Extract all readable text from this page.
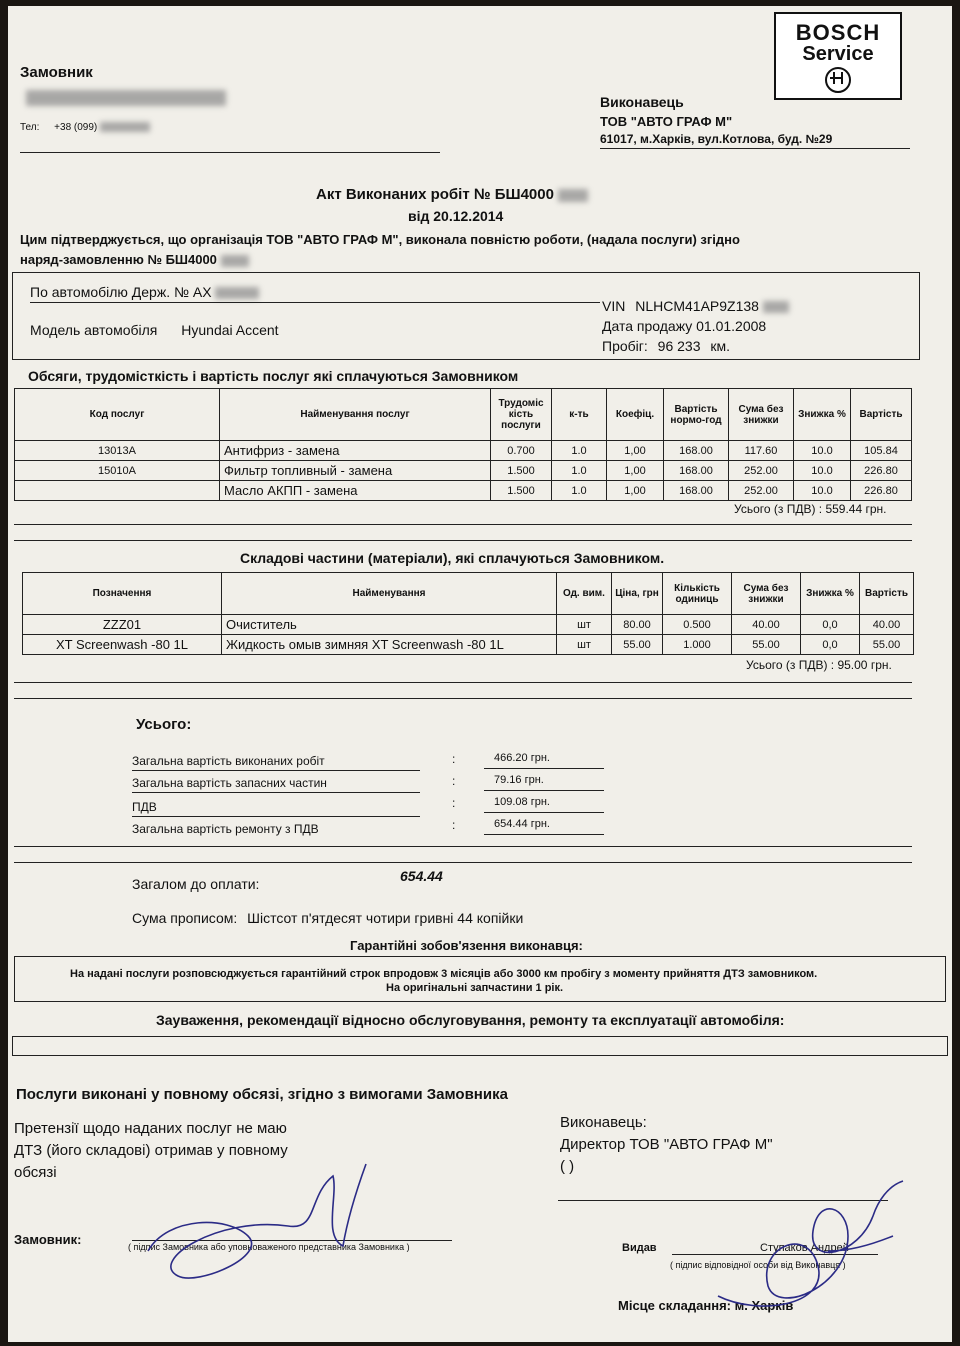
BOSCH
Service
Замовник
Тел: +38 (099)
Виконавець
ТОВ "АВТО ГРАФ М"
61017, м.Харків, вул.Котлова, буд. №29
Акт Виконаних робіт № БШ4000
від 20.12.2014
Цим підтверджується, що організація ТОВ "АВТО ГРАФ М", виконала повністю роботи, (надала послуги) згідно
наряд-замовленню № БШ4000
По автомобілю Держ. № АХ
VIN NLHCM41AP9Z138
Модель автомобіля Hyundai Accent	Дата продажу 01.01.2008
Пробіг: 96 233 км.
Обсяги, трудомісткість і вартість послуг які сплачуються Замовником
Код послуг	Найменування послуг	Трудоміс кість послуги	к-ть	Коефіц.	Вартість нормо-год	Сума без знижки	Знижка %	Вартість
13013A	Антифриз - замена	0.700	1.0	1,00	168.00	117.60	10.0	105.84
15010A	Фильтр топливный - замена	1.500	1.0	1,00	168.00	252.00	10.0	226.80
	Масло АКПП - замена	1.500	1.0	1,00	168.00	252.00	10.0	226.80
Усього (з ПДВ) : 559.44 грн.
Складові частини (матеріали), які сплачуються Замовником.
Позначення	Найменування	Од. вим.	Ціна, грн	Кількість одиниць	Сума без знижки	Знижка %	Вартість
ZZZ01	Очиститель	шт	80.00	0.500	40.00	0,0	40.00
XT Screenwash -80 1L	Жидкость омыв зимняя XT Screenwash -80 1L	шт	55.00	1.000	55.00	0,0	55.00
Усього (з ПДВ) : 95.00 грн.
Усього:
Загальна вартість виконаних робіт	:	466.20 грн.
Загальна вартість запасних частин	:	79.16 грн.
ПДВ	:	109.08 грн.
Загальна вартість ремонту з ПДВ	:	654.44 грн.
Загалом до оплати:	654.44
Сума прописом: Шістсот п'ятдесят чотири гривні 44 копійки
Гарантійні зобов'язення виконавця:
На надані послуги розповсюджується гарантійний строк впродовж 3 місяців або 3000 км пробігу з моменту прийняття ДТЗ замовником.
На оригінальні запчастини 1 рік.
Зауваження, рекомендації відносно обслуговування, ремонту та експлуатації автомобіля:
Послуги виконані у повному обсязі, згідно з вимогами Замовника
Претензії щодо наданих послуг не маю
ДТЗ (його складові) отримав у повному
обсязі
Замовник:	( підпис Замовника або уповноваженого представника Замовника )
Виконавець:
Директор ТОВ "АВТО ГРАФ М"
( )
Видав	Ступаков Андрей
( підпис відповідної особи від Виконавця )
Місце складання: м. Харків
